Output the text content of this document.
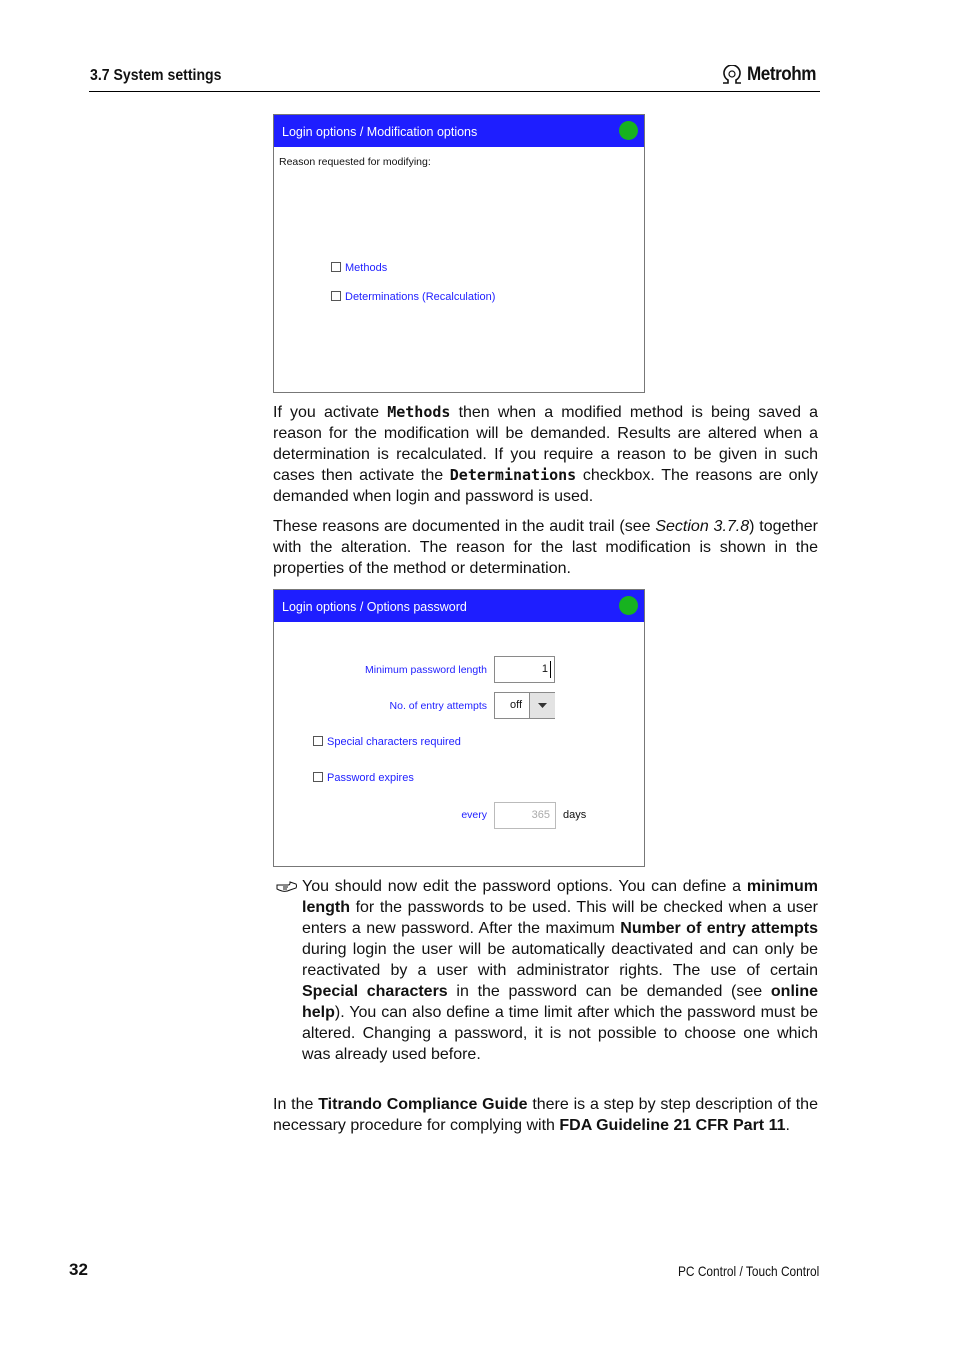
3.7 System settings	Metrohm
Login options / Modification options
Reason requested for modifying:
Methods
Determinations (Recalculation)

If you activate Methods then when a modified method is being saved a reason for the modification will be demanded. Results are altered when a determination is recalculated. If you require a reason to be given in such cases then activate the Determinations checkbox. The reasons are only demanded when login and password is used.

These reasons are documented in the audit trail (see Section 3.7.8) together with the alteration. The reason for the last modification is shown in the properties of the method or determination.

Login options / Options password
Minimum password length	1
No. of entry attempts off
Special characters required
Password expires
every	365 days

You should now edit the password options. You can define a minimum length for the passwords to be used. This will be checked when a user enters a new password. After the maximum Number of entry attempts during login the user will be automatically deactivated and can only be reactivated by a user with administrator rights. The use of certain Special characters in the password can be demanded (see online help). You can also define a time limit after which the password must be altered. Changing a password, it is not possible to choose one which was already used before.

In the Titrando Compliance Guide there is a step by step description of the necessary procedure for complying with FDA Guideline 21 CFR Part 11.

32	PC Control / Touch Control
